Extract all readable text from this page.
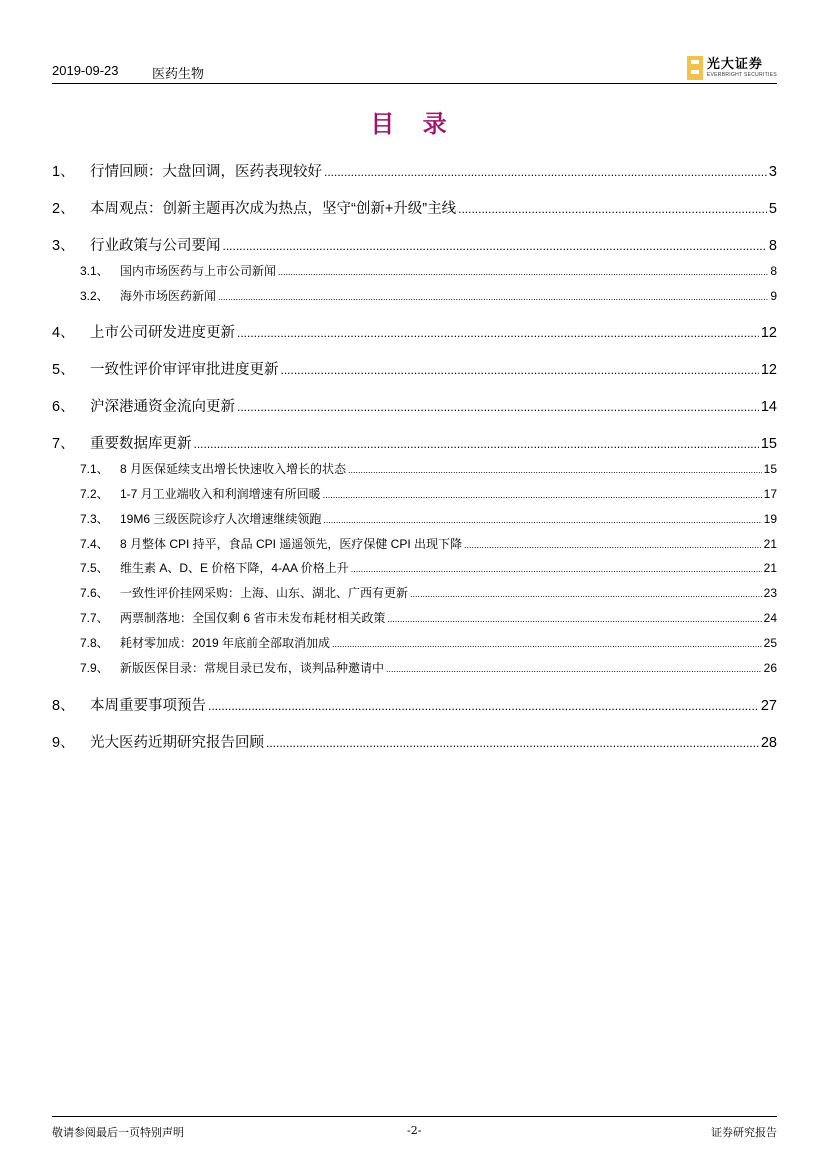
2019-09-23	医药生物
光大证券
EVERBRIGHT SECURITIES
目 录
1、	行情回顾：大盘回调，医药表现较好 .....	3
2、	本周观点：创新主题再次成为热点，坚守“创新+升级”主线 .....	5
3、	行业政策与公司要闻 .....	8
3.1、 国内市场医药与上市公司新闻 .....	8
3.2、 海外市场医药新闻 .....	9
4、	上市公司研发进度更新 .....	12
5、	一致性评价审评审批进度更新 .....	12
6、	沪深港通资金流向更新 .....	14
7、	重要数据库更新 .....	15
7.1、 8 月医保延续支出增长快速收入增长的状态 .....	15
7.2、 1-7 月工业端收入和利润增速有所回暖 .....	17
7.3、 19M6 三级医院诊疗人次增速继续领跑 .....	19
7.4、 8 月整体 CPI 持平，食品 CPI 遥遥领先，医疗保健 CPI 出现下降 .....	21
7.5、 维生素 A、D、E 价格下降，4-AA 价格上升 .....	21
7.6、 一致性评价挂网采购：上海、山东、湖北、广西有更新 .....	23
7.7、 两票制落地：全国仅剩 6 省市未发布耗材相关政策 .....	24
7.8、 耗材零加成：2019 年底前全部取消加成 .....	25
7.9、 新版医保目录：常规目录已发布，谈判品种邀请中 .....	26
8、	本周重要事项预告 .....	27
9、	光大医药近期研究报告回顾 .....	28
敬请参阅最后一页特别声明	-2-	证券研究报告
